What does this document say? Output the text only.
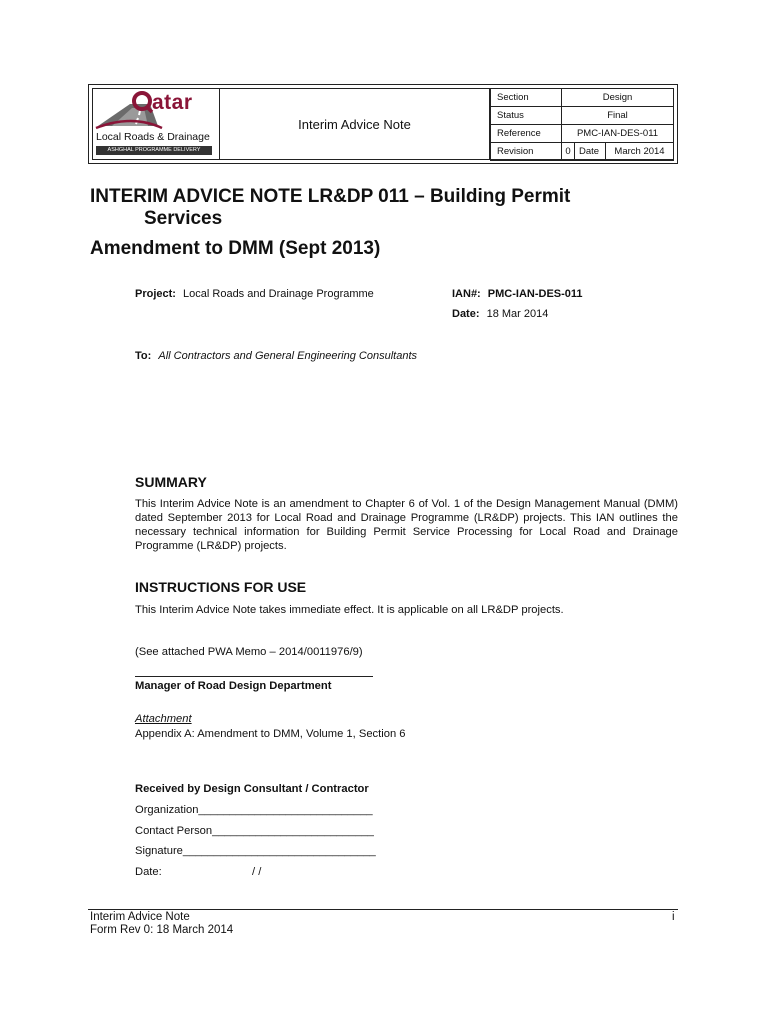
atar
Local Roads & Drainage
ASHGHAL PROGRAMME DELIVERY
Interim Advice Note
Section	Design		
Status	Final		
Reference	PMC-IAN-DES-011		
Revision	0	Date	March 2014
INTERIM ADVICE NOTE LR&DP 011 – Building Permit
Services
Amendment to DMM (Sept 2013)
Project: Local Roads and Drainage Programme	IAN#: PMC-IAN-DES-011
Date: 18 Mar 2014
To: All Contractors and General Engineering Consultants
SUMMARY
This Interim Advice Note is an amendment to Chapter 6 of Vol. 1 of the Design Management Manual (DMM) dated September 2013 for Local Road and Drainage Programme (LR&DP) projects. This IAN outlines the necessary technical information for Building Permit Service Processing for Local Road and Drainage Programme (LR&DP) projects.
INSTRUCTIONS FOR USE
This Interim Advice Note takes immediate effect. It is applicable on all LR&DP projects.
(See attached PWA Memo – 2014/0011976/9)
Manager of Road Design Department
Attachment
Appendix A: Amendment to DMM, Volume 1, Section 6
Received by Design Consultant / Contractor
Organization____________________________
Contact Person__________________________
Signature_______________________________
Date:	/ /
Interim Advice Note
Form Rev 0: 18 March 2014
i
